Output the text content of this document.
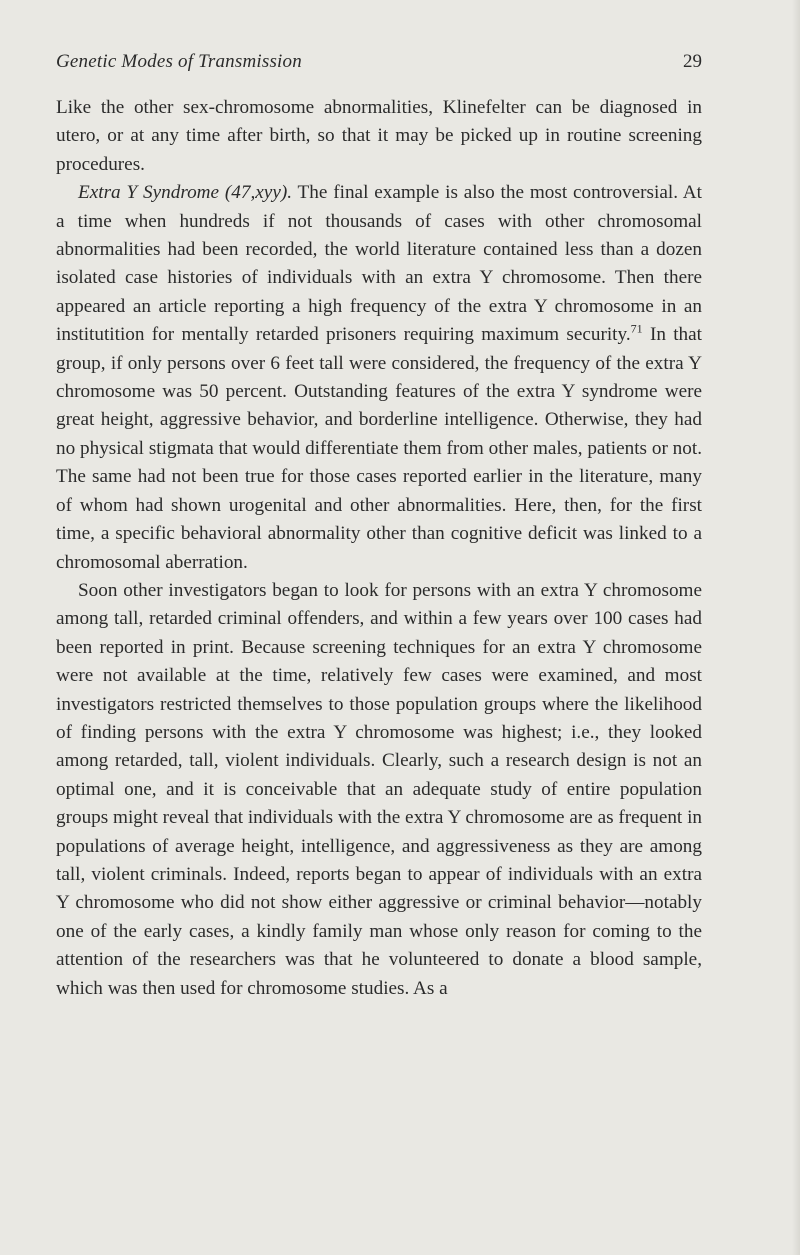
Genetic Modes of Transmission	29

Like the other sex-chromosome abnormalities, Klinefelter can be diagnosed in utero, or at any time after birth, so that it may be picked up in routine screening procedures.

Extra Y Syndrome (47,xyy). The final example is also the most controversial. At a time when hundreds if not thousands of cases with other chromosomal abnormalities had been recorded, the world literature contained less than a dozen isolated case histories of individuals with an extra Y chromosome. Then there appeared an article reporting a high frequency of the extra Y chromosome in an institutition for mentally retarded prisoners requiring maximum security.$^{71}$ In that group, if only persons over 6 feet tall were considered, the frequency of the extra Y chromosome was 50 percent. Outstanding features of the extra Y syndrome were great height, aggressive behavior, and borderline intelligence. Otherwise, they had no physical stigmata that would differentiate them from other males, patients or not. The same had not been true for those cases reported earlier in the literature, many of whom had shown urogenital and other abnormalities. Here, then, for the first time, a specific behavioral abnormality other than cognitive deficit was linked to a chromosomal aberration.

Soon other investigators began to look for persons with an extra Y chromosome among tall, retarded criminal offenders, and within a few years over 100 cases had been reported in print. Because screening techniques for an extra Y chromosome were not available at the time, relatively few cases were examined, and most investigators restricted themselves to those population groups where the likelihood of finding persons with the extra Y chromosome was highest; i.e., they looked among retarded, tall, violent individuals. Clearly, such a research design is not an optimal one, and it is conceivable that an adequate study of entire population groups might reveal that individuals with the extra Y chromosome are as frequent in populations of average height, intelligence, and aggressiveness as they are among tall, violent criminals. Indeed, reports began to appear of individuals with an extra Y chromosome who did not show either aggressive or criminal behavior—notably one of the early cases, a kindly family man whose only reason for coming to the attention of the researchers was that he volunteered to donate a blood sample, which was then used for chromosome studies. As a
